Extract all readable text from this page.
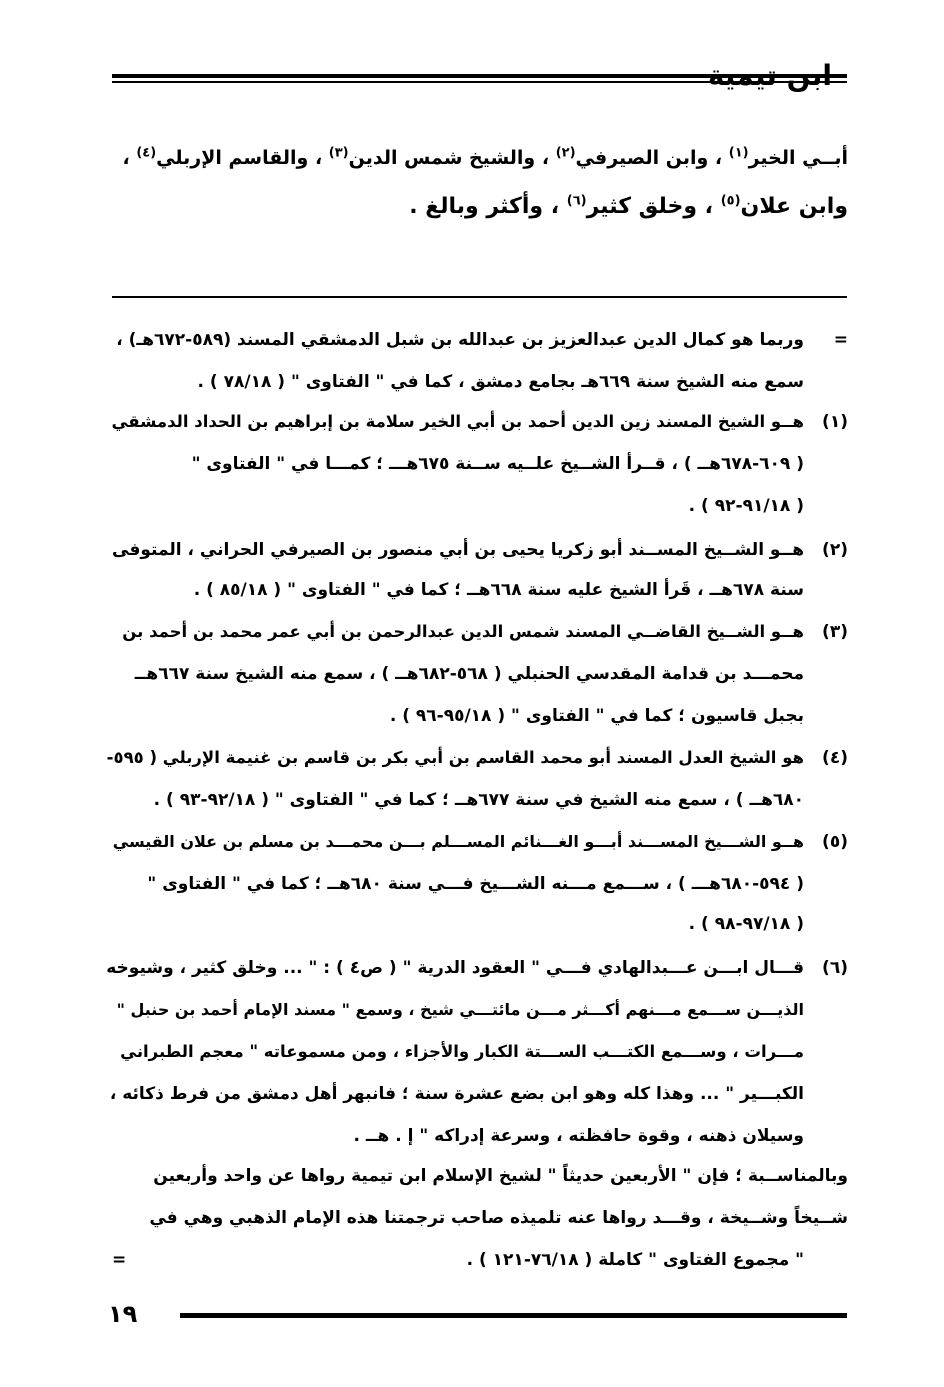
ابن تيمية
أبــي الخير$^{(١)}$ ، وابن الصيرفي$^{(٢)}$ ، والشيخ شمس الدين$^{(٣)}$ ، والقاسم الإربلي$^{(٤)}$ ،
وابن علان$^{(٥)}$ ، وخلق كثير$^{(٦)}$ ، وأكثر وبالغ .
=
وربما هو كمال الدين عبدالعزيز بن عبدالله بن شبل الدمشقي المسند (٥٨٩-٦٧٢هـ) ،
سمع منه الشيخ سنة ٦٦٩هـ بجامع دمشق ، كما في " الفتاوى " ( ٧٨/١٨ ) .
(١)
هــو الشيخ المسند زين الدين أحمد بن أبي الخير سلامة بن إبراهيم بن الحداد الدمشقي
( ٦٠٩-٦٧٨هــ ) ، قــرأ الشــيخ علــيه ســنة ٦٧٥هـــ ؛ كمـــا في " الفتاوى "
( ٩١/١٨-٩٢ ) .
(٢)
هــو الشــيخ المســند أبو زكريا يحيى بن أبي منصور بن الصيرفي الحراني ، المتوفى
سنة ٦٧٨هــ ، قَرأ الشيخ عليه سنة ٦٦٨هــ ؛ كما في " الفتاوى " ( ٨٥/١٨ ) .
(٣)
هــو الشــيخ القاضــي المسند شمس الدين عبدالرحمن بن أبي عمر محمد بن أحمد بن
محمـــد بن قدامة المقدسي الحنبلي ( ٥٦٨-٦٨٢هــ ) ، سمع منه الشيخ سنة ٦٦٧هــ
بجبل قاسيون ؛ كما في " الفتاوى " ( ٩٥/١٨-٩٦ ) .
(٤)
هو الشيخ العدل المسند أبو محمد القاسم بن أبي بكر بن قاسم بن غنيمة الإربلي ( ٥٩٥-
٦٨٠هــ ) ، سمع منه الشيخ في سنة ٦٧٧هــ ؛ كما في " الفتاوى " ( ٩٢/١٨-٩٣ ) .
(٥)
هــو الشـــيخ المســـند أبـــو الغـــنائم المســـلم بـــن محمـــد بن مسلم بن علان القيسي
( ٥٩٤-٦٨٠هـــ ) ، ســـمع مـــنه الشـــيخ فـــي سنة ٦٨٠هــ ؛ كما في " الفتاوى "
( ٩٧/١٨-٩٨ ) .
(٦)
قـــال ابـــن عـــبدالهادي فـــي " العقود الدرية " ( ص٤ ) : " ... وخلق كثير ، وشيوخه
الذيـــن ســـمع مـــنهم أكـــثر مـــن مائتـــي شيخ ، وسمع " مسند الإمام أحمد بن حنبل "
مـــرات ، وســـمع الكتـــب الســـتة الكبار والأجزاء ، ومن مسموعاته " معجم الطبراني
الكبـــير " ... وهذا كله وهو ابن بضع عشرة سنة ؛ فانبهر أهل دمشق من فرط ذكائه ،
وسيلان ذهنه ، وقوة حافظته ، وسرعة إدراكه " إ . هــ .
وبالمناســبة ؛ فإن " الأربعين حديثاً " لشيخ الإسلام ابن تيمية رواها عن واحد وأربعين
شــيخاً وشــيخة ، وقـــد رواها عنه تلميذه صاحب ترجمتنا هذه الإمام الذهبي وهي في
" مجموع الفتاوى " كاملة ( ٧٦/١٨-١٢١ ) .
=
١٩
